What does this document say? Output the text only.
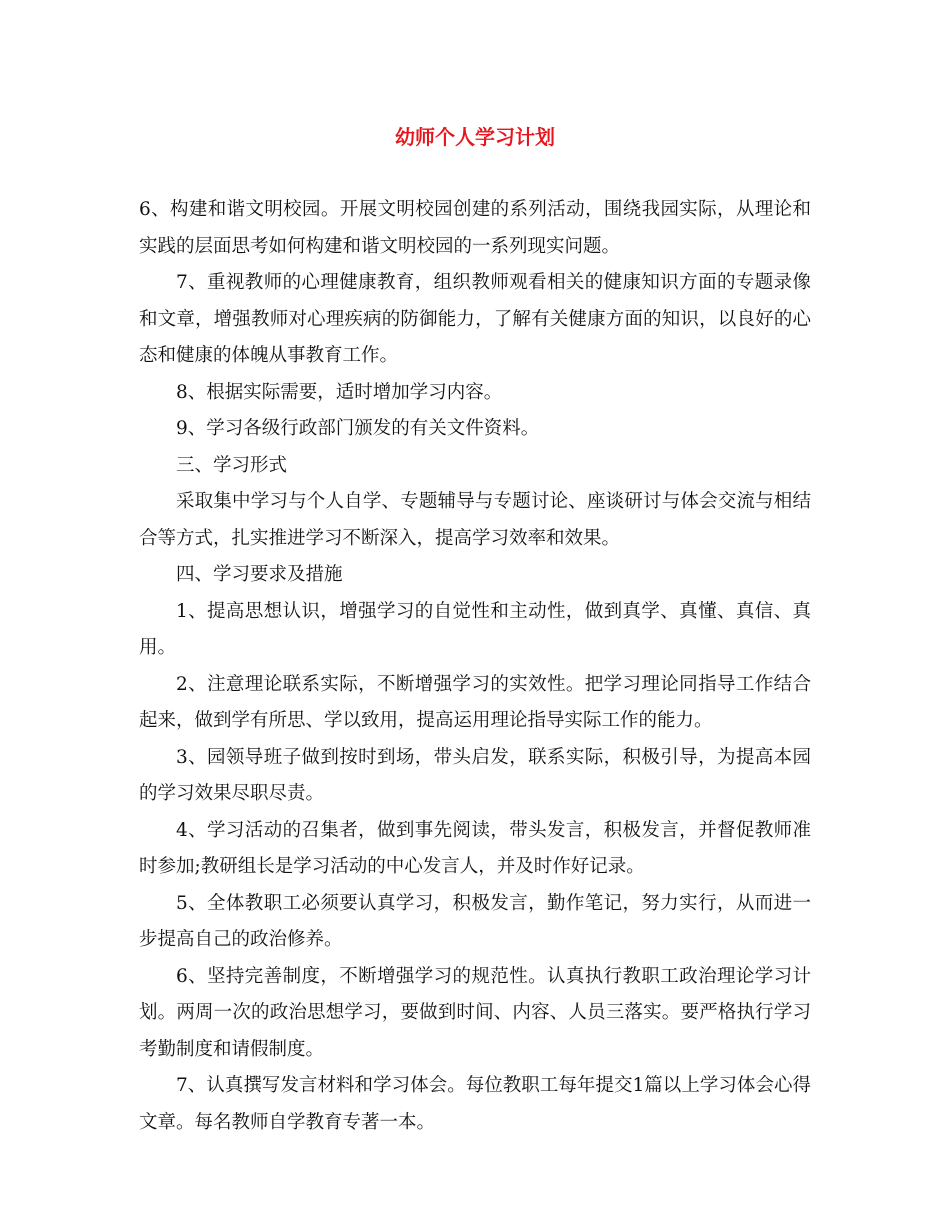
幼师个人学习计划

6、构建和谐文明校园。开展文明校园创建的系列活动，围绕我园实际，从理论和实践的层面思考如何构建和谐文明校园的一系列现实问题。

7、重视教师的心理健康教育，组织教师观看相关的健康知识方面的专题录像和文章，增强教师对心理疾病的防御能力，了解有关健康方面的知识，以良好的心态和健康的体魄从事教育工作。

8、根据实际需要，适时增加学习内容。

9、学习各级行政部门颁发的有关文件资料。

三、学习形式

采取集中学习与个人自学、专题辅导与专题讨论、座谈研讨与体会交流与相结合等方式，扎实推进学习不断深入，提高学习效率和效果。

四、学习要求及措施

1、提高思想认识，增强学习的自觉性和主动性，做到真学、真懂、真信、真用。

2、注意理论联系实际，不断增强学习的实效性。把学习理论同指导工作结合起来，做到学有所思、学以致用，提高运用理论指导实际工作的能力。

3、园领导班子做到按时到场，带头启发，联系实际，积极引导，为提高本园的学习效果尽职尽责。

4、学习活动的召集者，做到事先阅读，带头发言，积极发言，并督促教师准时参加;教研组长是学习活动的中心发言人，并及时作好记录。

5、全体教职工必须要认真学习，积极发言，勤作笔记，努力实行，从而进一步提高自己的政治修养。

6、坚持完善制度，不断增强学习的规范性。认真执行教职工政治理论学习计划。两周一次的政治思想学习，要做到时间、内容、人员三落实。要严格执行学习考勤制度和请假制度。

7、认真撰写发言材料和学习体会。每位教职工每年提交1篇以上学习体会心得文章。每名教师自学教育专著一本。
